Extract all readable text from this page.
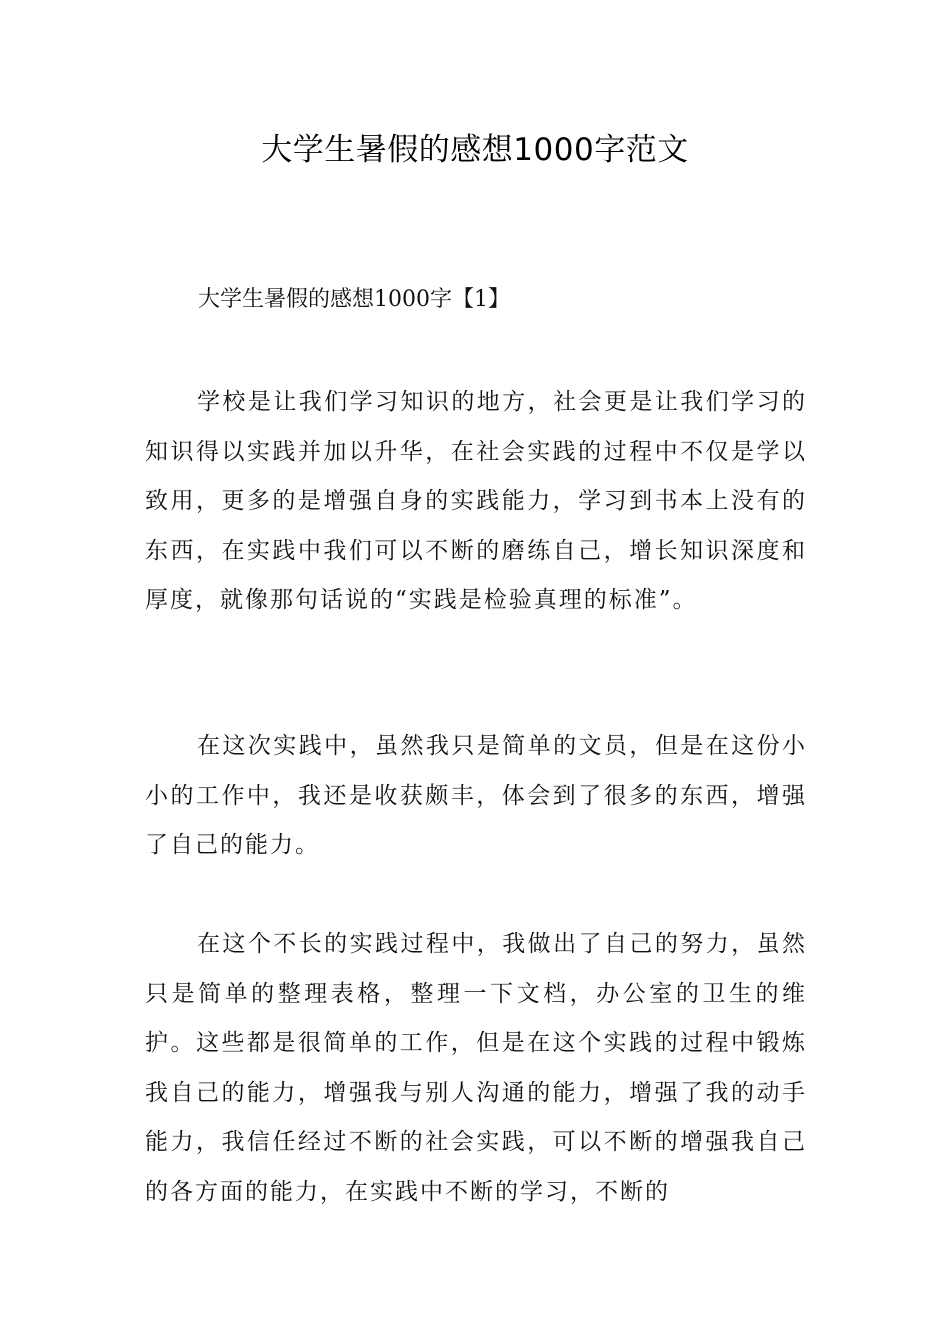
大学生暑假的感想1000字范文
大学生暑假的感想1000字【1】

学校是让我们学习知识的地方，社会更是让我们学习的知识得以实践并加以升华，在社会实践的过程中不仅是学以致用，更多的是增强自身的实践能力，学习到书本上没有的东西，在实践中我们可以不断的磨练自己，增长知识深度和厚度，就像那句话说的“实践是检验真理的标准”。

在这次实践中，虽然我只是简单的文员，但是在这份小小的工作中，我还是收获颇丰，体会到了很多的东西，增强了自己的能力。

在这个不长的实践过程中，我做出了自己的努力，虽然只是简单的整理表格，整理一下文档，办公室的卫生的维护。这些都是很简单的工作，但是在这个实践的过程中锻炼我自己的能力，增强我与别人沟通的能力，增强了我的动手能力，我信任经过不断的社会实践，可以不断的增强我自己的各方面的能力，在实践中不断的学习，不断的
